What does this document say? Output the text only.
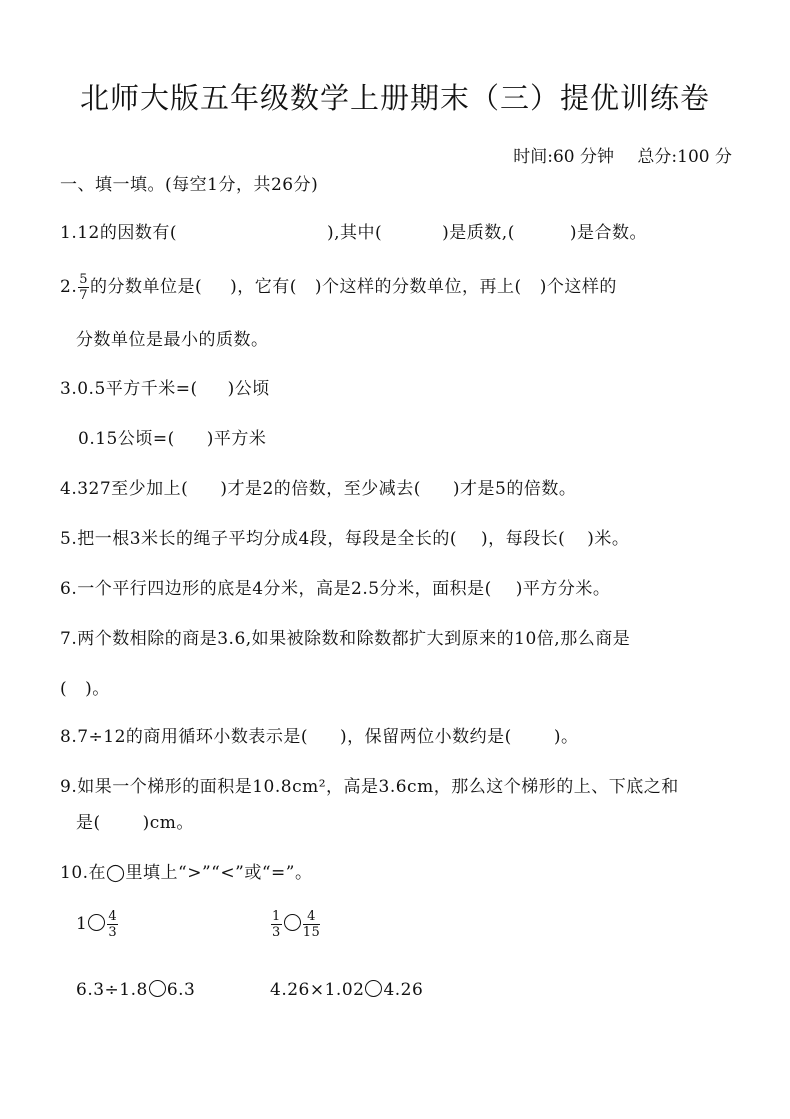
北师大版五年级数学上册期末（三）提优训练卷
时间:60 分钟 总分:100 分
一、填一填。(每空1分，共26分)
1.12的因数有(	),其中(	)是质数,(	)是合数。
2. $\frac{5}{7}$ 的分数单位是( )，它有( )个这样的分数单位，再上( )个这样的
分数单位是最小的质数。
3.0.5平方千米=( )公顷
0.15公顷=( )平方米
4.327至少加上( )才是2的倍数，至少减去( )才是5的倍数。
5.把一根3米长的绳子平均分成4段，每段是全长的( )，每段长( )米。
6.一个平行四边形的底是4分米，高是2.5分米，面积是( )平方分米。
7.两个数相除的商是3.6,如果被除数和除数都扩大到原来的10倍,那么商是
( )。
8.7÷12的商用循环小数表示是( )，保留两位小数约是( )。
9.如果一个梯形的面积是10.8cm²，高是3.6cm，那么这个梯形的上、下底之和
是( )cm。
10.在◯里填上“>”“<”或“=”。
$1 \frac{4}{3}$	$\frac{1}{3} \frac{4}{15}$
6.3÷1.8 6.3	4.26×1.02 4.26
